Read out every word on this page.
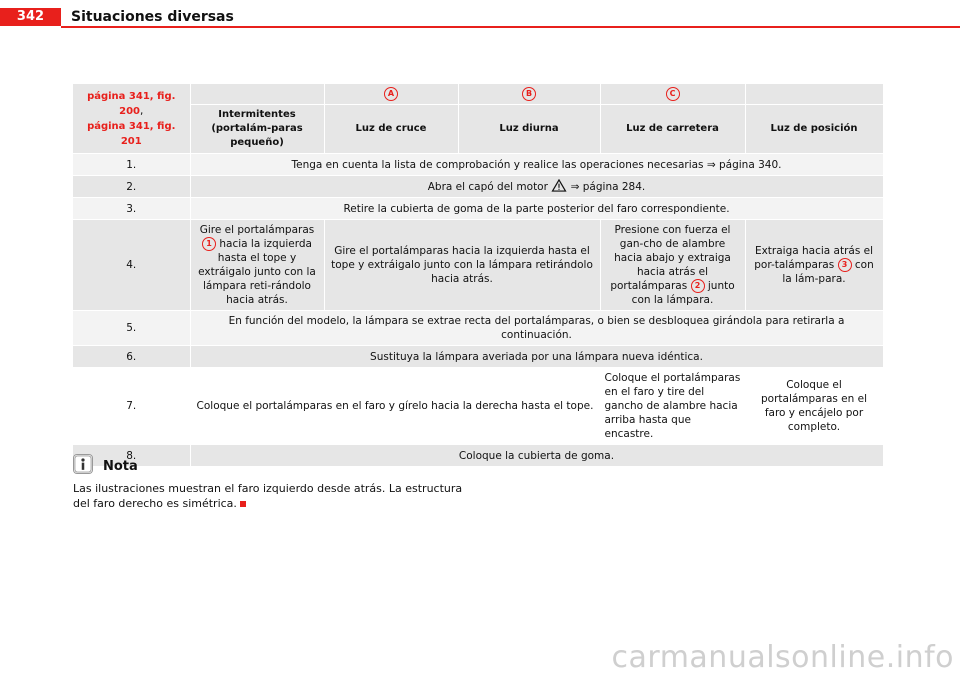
342	Situaciones diversas
página 341, fig. 200,
página 341, fig. 201		A	B	C	
	Intermitentes (portalám-paras pequeño)	Luz de cruce	Luz diurna	Luz de carretera	Luz de posición
1.	Tenga en cuenta la lista de comprobación y realice las operaciones necesarias ⇒ página 340.				
2.	Abra el capó del motor ⇒ página 284.				
3.	Retire la cubierta de goma de la parte posterior del faro correspondiente.				
4.	Gire el portalámparas
1 hacia la izquierda hasta el tope y extráigalo junto con la lámpara reti-rándolo hacia atrás.	Gire el portalámparas hacia la izquierda hasta el tope y extráigalo junto con la lámpara retirándolo hacia atrás.		Presione con fuerza el gan-cho de alambre hacia abajo y extraiga hacia atrás el portalámparas 2 junto con la lámpara.	Extraiga hacia atrás el por-talámparas 3 con la lám-para.
5.	En función del modelo, la lámpara se extrae recta del portalámparas, o bien se desbloquea girándola para retirarla a continuación.				
6.	Sustituya la lámpara averiada por una lámpara nueva idéntica.				
7.	Coloque el portalámparas en el faro y gírelo hacia la derecha hasta el tope.			Coloque el portalámparas en el faro y tire del gancho de alambre hacia arriba hasta que encastre.	Coloque el portalámparas en el faro y encájelo por completo.
8.	Coloque la cubierta de goma.				
Nota
Las ilustraciones muestran el faro izquierdo desde atrás. La estructura del faro derecho es simétrica.
carmanualsonline.info
